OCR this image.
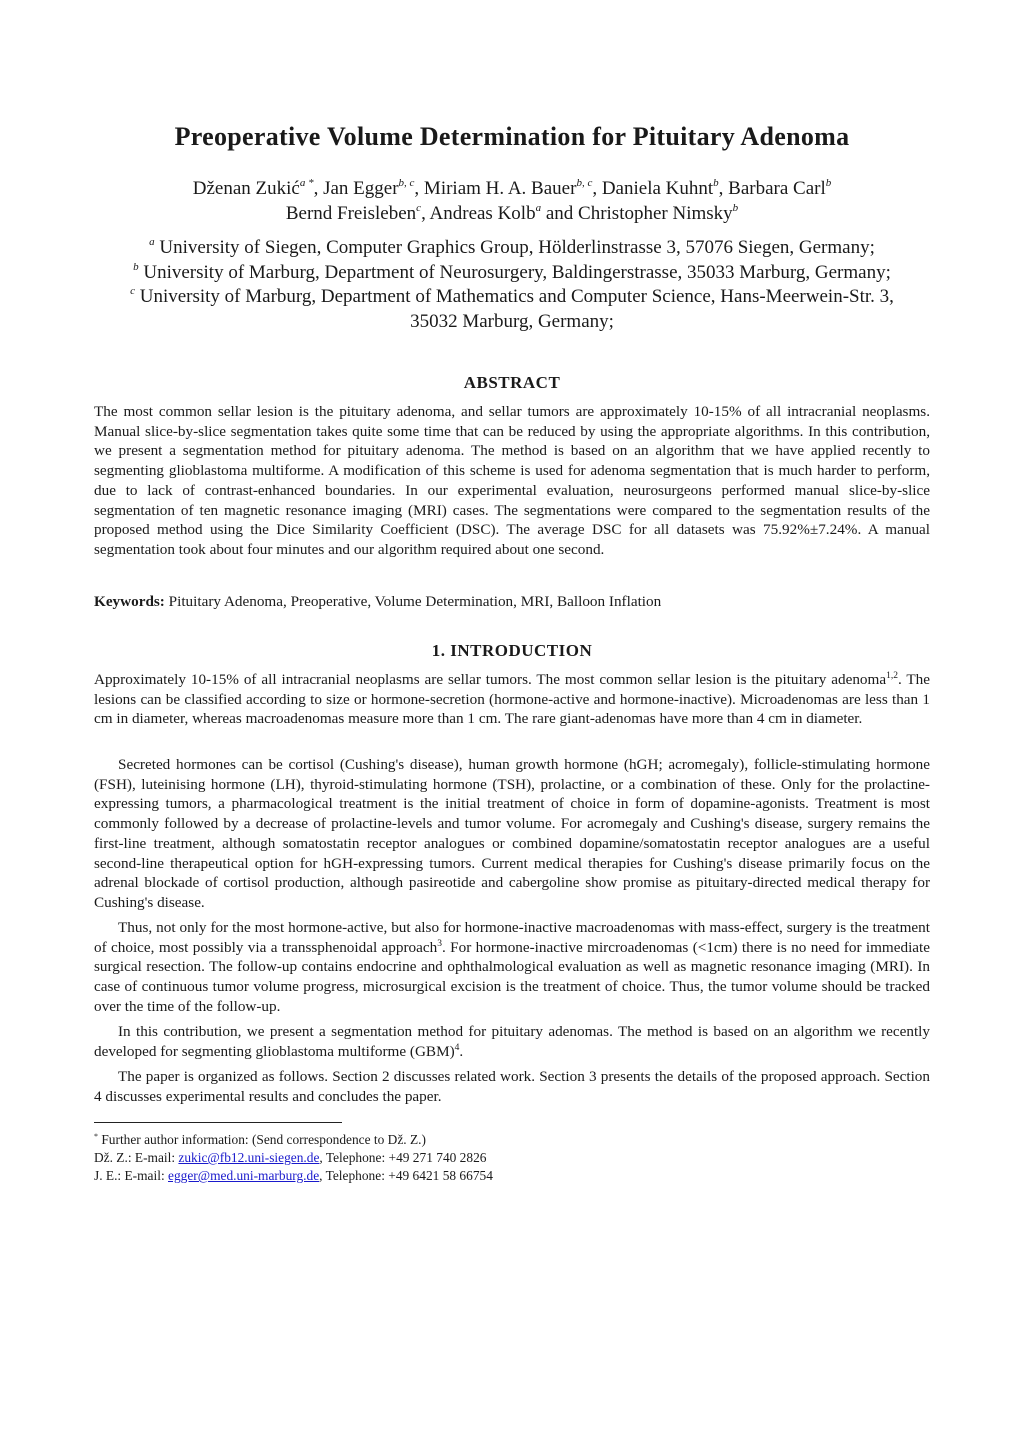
Preoperative Volume Determination for Pituitary Adenoma
Dženan Zukić$^{a *}$, Jan Egger$^{b, c}$, Miriam H. A. Bauer$^{b, c}$, Daniela Kuhnt$^b$, Barbara Carl$^b$
Bernd Freisleben$^c$, Andreas Kolb$^a$ and Christopher Nimsky$^b$
$^a$ University of Siegen, Computer Graphics Group, Hölderlinstrasse 3, 57076 Siegen, Germany;
$^b$ University of Marburg, Department of Neurosurgery, Baldingerstrasse, 35033 Marburg, Germany;
$^c$ University of Marburg, Department of Mathematics and Computer Science, Hans-Meerwein-Str. 3,
35032 Marburg, Germany;
ABSTRACT

The most common sellar lesion is the pituitary adenoma, and sellar tumors are approximately 10-15% of all intracranial neoplasms. Manual slice-by-slice segmentation takes quite some time that can be reduced by using the appropriate algorithms. In this contribution, we present a segmentation method for pituitary adenoma. The method is based on an algorithm that we have applied recently to segmenting glioblastoma multiforme. A modification of this scheme is used for adenoma segmentation that is much harder to perform, due to lack of contrast-enhanced boundaries. In our experimental evaluation, neurosurgeons performed manual slice-by-slice segmentation of ten magnetic resonance imaging (MRI) cases. The segmentations were compared to the segmentation results of the proposed method using the Dice Similarity Coefficient (DSC). The average DSC for all datasets was 75.92%±7.24%. A manual segmentation took about four minutes and our algorithm required about one second.

Keywords: Pituitary Adenoma, Preoperative, Volume Determination, MRI, Balloon Inflation

1. INTRODUCTION

Approximately 10-15% of all intracranial neoplasms are sellar tumors. The most common sellar lesion is the pituitary adenoma$^{1,2}$. The lesions can be classified according to size or hormone-secretion (hormone-active and hormone-inactive). Microadenomas are less than 1 cm in diameter, whereas macroadenomas measure more than 1 cm. The rare giant-adenomas have more than 4 cm in diameter.

Secreted hormones can be cortisol (Cushing's disease), human growth hormone (hGH; acromegaly), follicle-stimulating hormone (FSH), luteinising hormone (LH), thyroid-stimulating hormone (TSH), prolactine, or a combination of these. Only for the prolactine-expressing tumors, a pharmacological treatment is the initial treatment of choice in form of dopamine-agonists. Treatment is most commonly followed by a decrease of prolactine-levels and tumor volume. For acromegaly and Cushing's disease, surgery remains the first-line treatment, although somatostatin receptor analogues or combined dopamine/somatostatin receptor analogues are a useful second-line therapeutical option for hGH-expressing tumors. Current medical therapies for Cushing's disease primarily focus on the adrenal blockade of cortisol production, although pasireotide and cabergoline show promise as pituitary-directed medical therapy for Cushing's disease.

Thus, not only for the most hormone-active, but also for hormone-inactive macroadenomas with mass-effect, surgery is the treatment of choice, most possibly via a transsphenoidal approach$^3$. For hormone-inactive mircroadenomas (<1cm) there is no need for immediate surgical resection. The follow-up contains endocrine and ophthalmological evaluation as well as magnetic resonance imaging (MRI). In case of continuous tumor volume progress, microsurgical excision is the treatment of choice. Thus, the tumor volume should be tracked over the time of the follow-up.

In this contribution, we present a segmentation method for pituitary adenomas. The method is based on an algorithm we recently developed for segmenting glioblastoma multiforme (GBM)$^4$.

The paper is organized as follows. Section 2 discusses related work. Section 3 presents the details of the proposed approach. Section 4 discusses experimental results and concludes the paper.

* Further author information: (Send correspondence to Dž. Z.)

Dž. Z.: E-mail: zukic@fb12.uni-siegen.de, Telephone: +49 271 740 2826

J. E.: E-mail: egger@med.uni-marburg.de, Telephone: +49 6421 58 66754
